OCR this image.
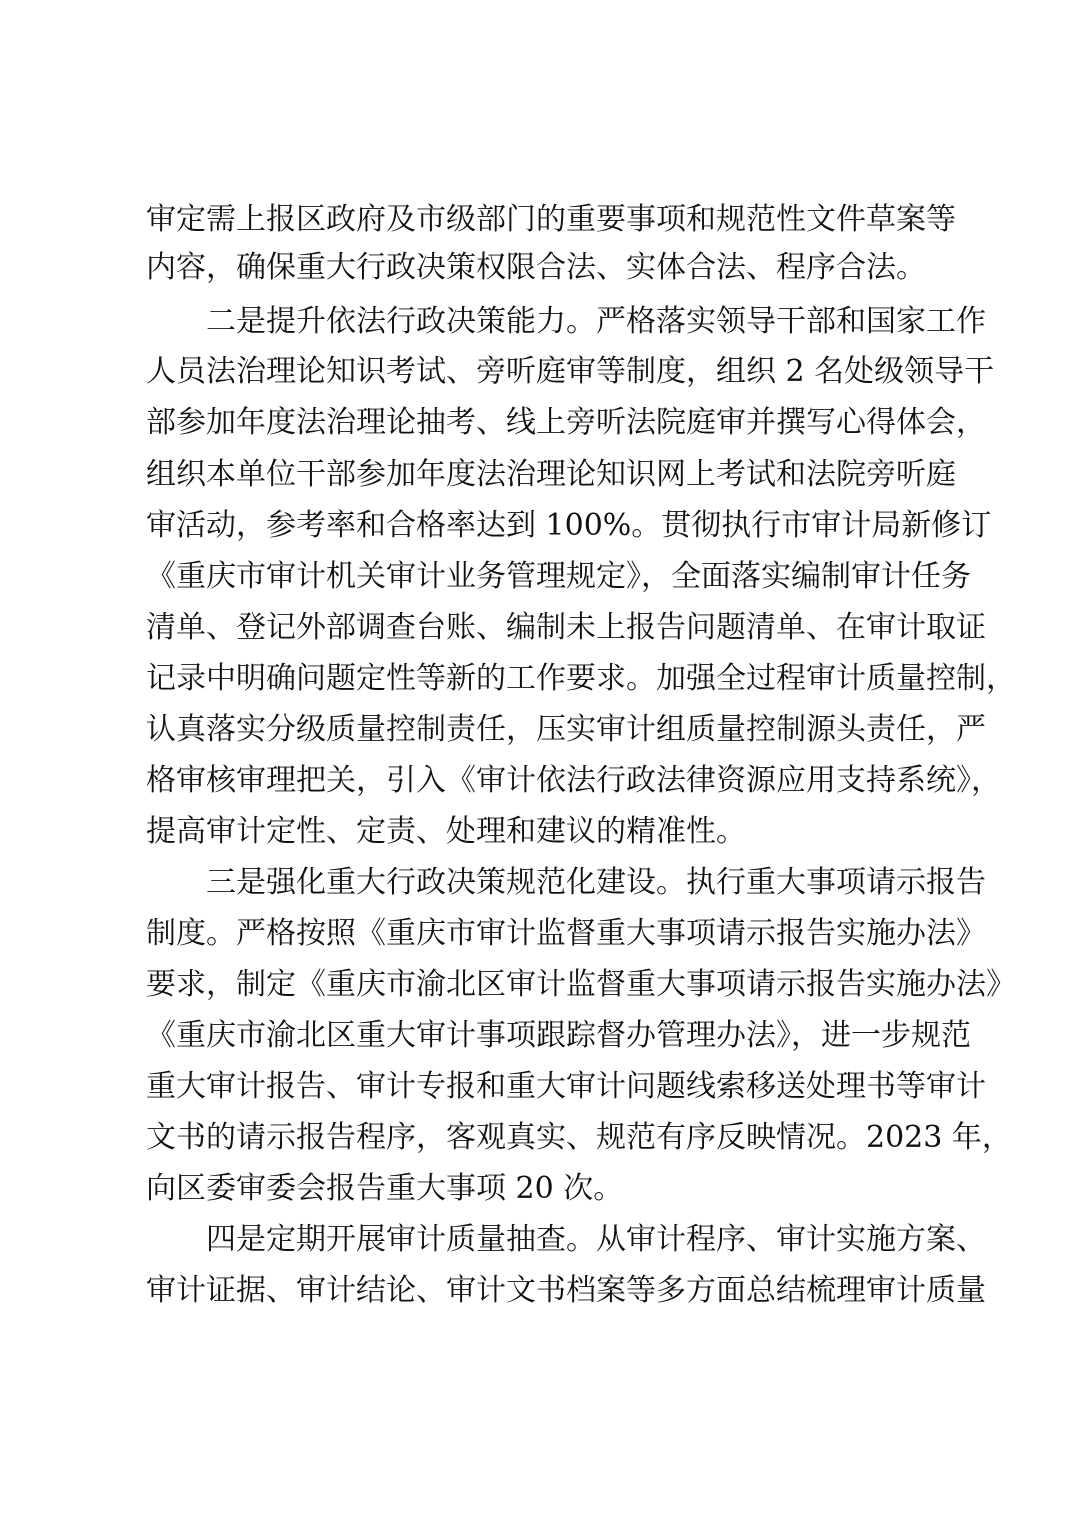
审定需上报区政府及市级部门的重要事项和规范性文件草案等
内容，确保重大行政决策权限合法、实体合法、程序合法。
二是提升依法行政决策能力。严格落实领导干部和国家工作
人员法治理论知识考试、旁听庭审等制度，组织 2 名处级领导干
部参加年度法治理论抽考、线上旁听法院庭审并撰写心得体会，
组织本单位干部参加年度法治理论知识网上考试和法院旁听庭
审活动，参考率和合格率达到 100%。贯彻执行市审计局新修订
《重庆市审计机关审计业务管理规定》，全面落实编制审计任务
清单、登记外部调查台账、编制未上报告问题清单、在审计取证
记录中明确问题定性等新的工作要求。加强全过程审计质量控制，
认真落实分级质量控制责任，压实审计组质量控制源头责任，严
格审核审理把关，引入《审计依法行政法律资源应用支持系统》，
提高审计定性、定责、处理和建议的精准性。
三是强化重大行政决策规范化建设。执行重大事项请示报告
制度。严格按照《重庆市审计监督重大事项请示报告实施办法》
要求，制定《重庆市渝北区审计监督重大事项请示报告实施办法》
《重庆市渝北区重大审计事项跟踪督办管理办法》，进一步规范
重大审计报告、审计专报和重大审计问题线索移送处理书等审计
文书的请示报告程序，客观真实、规范有序反映情况。2023 年，
向区委审委会报告重大事项 20 次。
四是定期开展审计质量抽查。从审计程序、审计实施方案、
审计证据、审计结论、审计文书档案等多方面总结梳理审计质量
